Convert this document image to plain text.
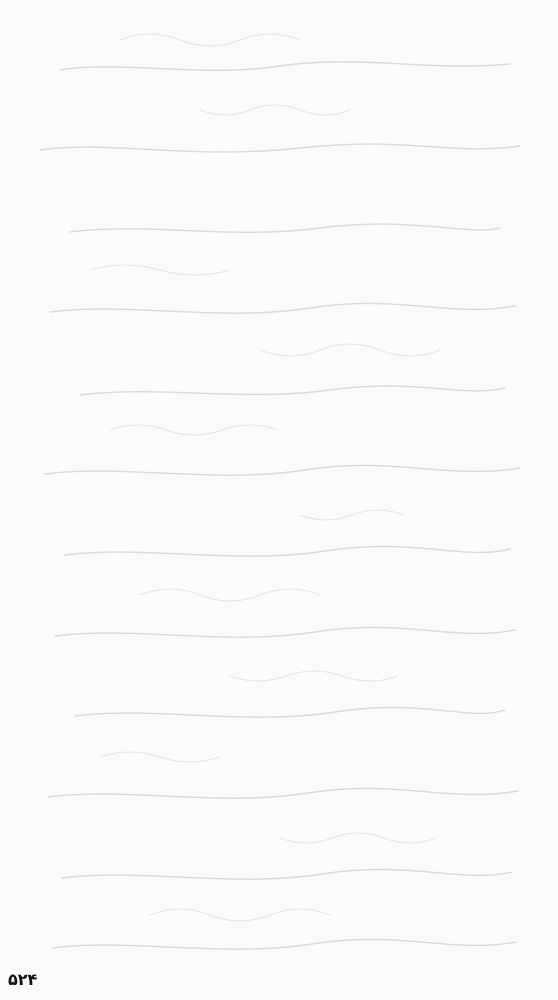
۵۲۴
